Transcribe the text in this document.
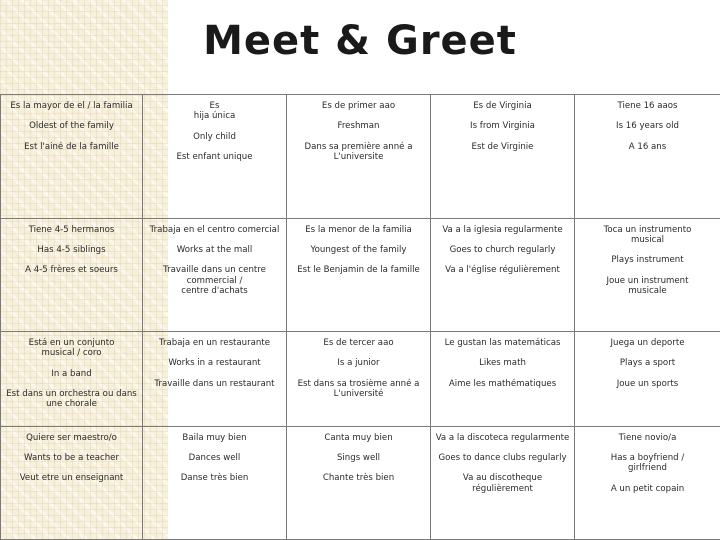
Meet & Greet
Es la mayor de el / la familia
Oldest of the family
Est l'ainé de la famille	Es
hija única
Only child
Est enfant unique	Es de primer aao
Freshman
Dans sa première anné a
L'universite	Es de Virginia
Is from Virginia
Est de Virginie	Tiene 16 aaos
Is 16 years old
A 16 ans

Tiene 4-5 hermanos
Has 4-5 siblings
A 4-5 frères et soeurs	Trabaja en el centro comercial
Works at the mall
Travaille dans un centre
commercial /
centre d'achats	Es la menor de la familia
Youngest of the family
Est le Benjamin de la famille	Va a la iglesia regularmente
Goes to church regularly
Va a l'église régulièrement	Toca un instrumento
musical
Plays instrument
Joue un instrument
musicale

Está en un conjunto
musical / coro
In a band
Est dans un orchestra ou dans
une chorale	Trabaja en un restaurante
Works in a restaurant
Travaille dans un restaurant	Es de tercer aao
Is a junior
Est dans sa trosième anné a
L'université	Le gustan las matemáticas
Likes math
Aime les mathématiques	Juega un deporte
Plays a sport
Joue un sports

Quiere ser maestro/o
Wants to be a teacher
Veut etre un enseignant	Baila muy bien
Dances well
Danse très bien	Canta muy bien
Sings well
Chante très bien	Va a la discoteca regularmente
Goes to dance clubs regularly
Va au discotheque
régulièrement	Tiene novio/a
Has a boyfriend /
girlfriend
A un petit copain
